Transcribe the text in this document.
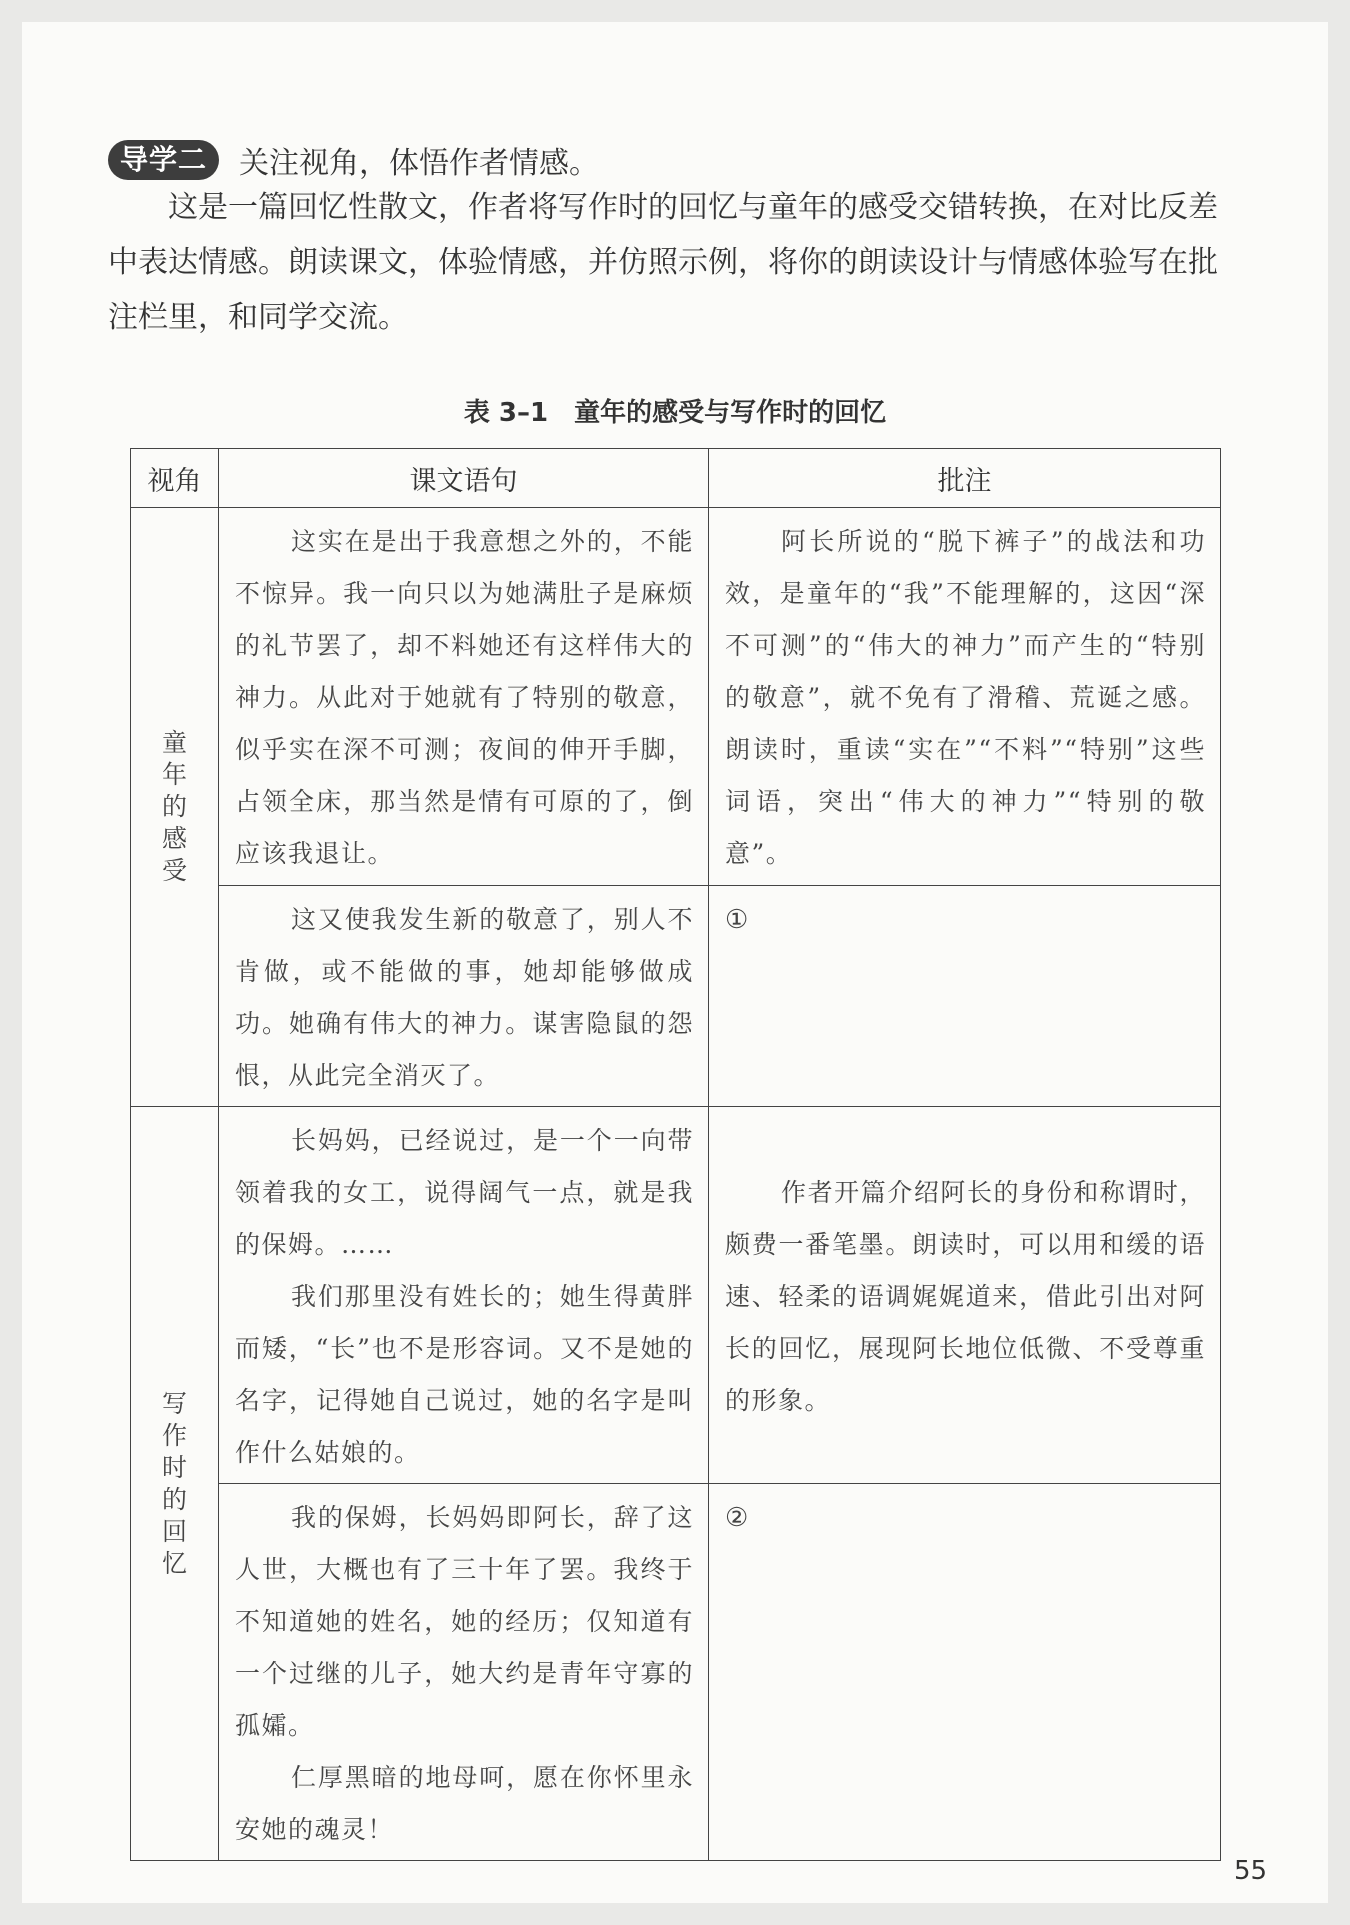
导学二	关注视角，体悟作者情感。

这是一篇回忆性散文，作者将写作时的回忆与童年的感受交错转换，在对比反差中表达情感。朗读课文，体验情感，并仿照示例，将你的朗读设计与情感体验写在批注栏里，和同学交流。

表 3–1　童年的感受与写作时的回忆
视角	课文语句	批注
童年的感受	这实在是出于我意想之外的，不能不惊异。我一向只以为她满肚子是麻烦的礼节罢了，却不料她还有这样伟大的神力。从此对于她就有了特别的敬意，似乎实在深不可测；夜间的伸开手脚，占领全床，那当然是情有可原的了，倒应该我退让。	阿长所说的“脱下裤子”的战法和功效，是童年的“我”不能理解的，这因“深不可测”的“伟大的神力”而产生的“特别的敬意”，就不免有了滑稽、荒诞之感。朗读时，重读“实在”“不料”“特别”这些词语，突出“伟大的神力”“特别的敬意”。

	这又使我发生新的敬意了，别人不肯做，或不能做的事，她却能够做成功。她确有伟大的神力。谋害隐鼠的怨恨，从此完全消灭了。	①
写作时的回忆	长妈妈，已经说过，是一个一向带领着我的女工，说得阔气一点，就是我的保姆。……

我们那里没有姓长的；她生得黄胖而矮，“长”也不是形容词。又不是她的名字，记得她自己说过，她的名字是叫作什么姑娘的。	作者开篇介绍阿长的身份和称谓时，颇费一番笔墨。朗读时，可以用和缓的语速、轻柔的语调娓娓道来，借此引出对阿长的回忆，展现阿长地位低微、不受尊重的形象。

	我的保姆，长妈妈即阿长，辞了这人世，大概也有了三十年了罢。我终于不知道她的姓名，她的经历；仅知道有一个过继的儿子，她大约是青年守寡的孤孀。

仁厚黑暗的地母呵，愿在你怀里永安她的魂灵！	②
55
